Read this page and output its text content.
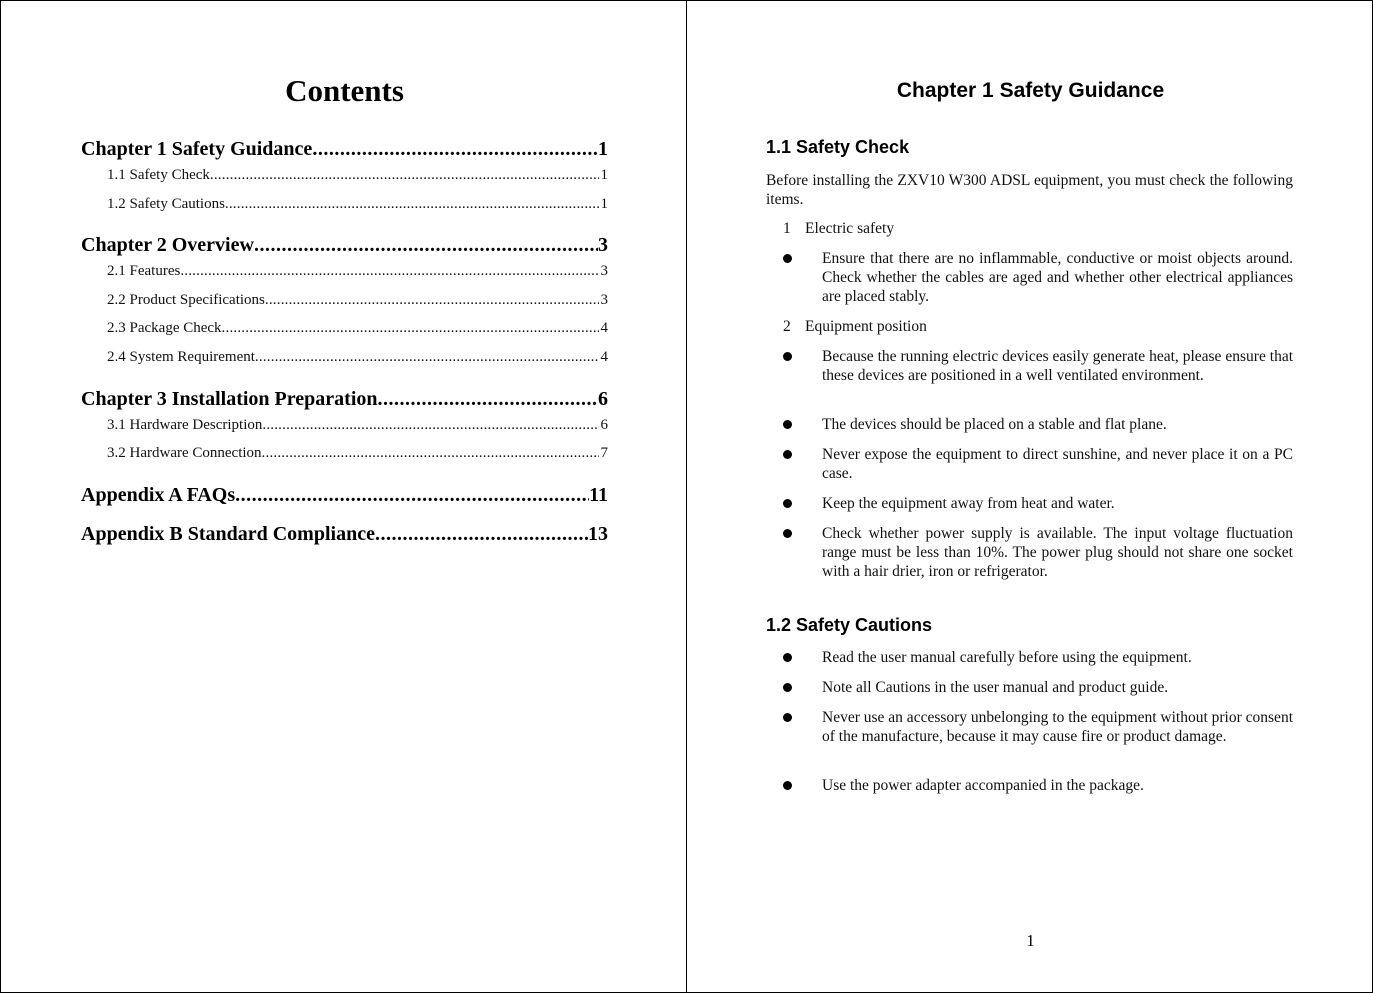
Contents
Chapter 1 Safety Guidance .....	1
1.1 Safety Check .....	1
1.2 Safety Cautions .....	1
Chapter 2 Overview .....	3
2.1 Features .....	3
2.2 Product Specifications .....	3
2.3 Package Check .....	4
2.4 System Requirement .....	4
Chapter 3 Installation Preparation .....	6
3.1 Hardware Description .....	6
3.2 Hardware Connection .....	7
Appendix A FAQs .....	11
Appendix B Standard Compliance .....	13
Chapter 1 Safety Guidance
1.1 Safety Check

Before installing the ZXV10 W300 ADSL equipment, you must check the following items.

1 Electric safety

Ensure that there are no inflammable, conductive or moist objects around. Check whether the cables are aged and whether other electrical appliances are placed stably.

2 Equipment position

Because the running electric devices easily generate heat, please ensure that these devices are positioned in a well ventilated environment.

The devices should be placed on a stable and flat plane.

Never expose the equipment to direct sunshine, and never place it on a PC case.

Keep the equipment away from heat and water.

Check whether power supply is available. The input voltage fluctuation range must be less than 10%. The power plug should not share one socket with a hair drier, iron or refrigerator.

1.2 Safety Cautions

Read the user manual carefully before using the equipment.

Note all Cautions in the user manual and product guide.

Never use an accessory unbelonging to the equipment without prior consent of the manufacture, because it may cause fire or product damage.

Use the power adapter accompanied in the package.

1
